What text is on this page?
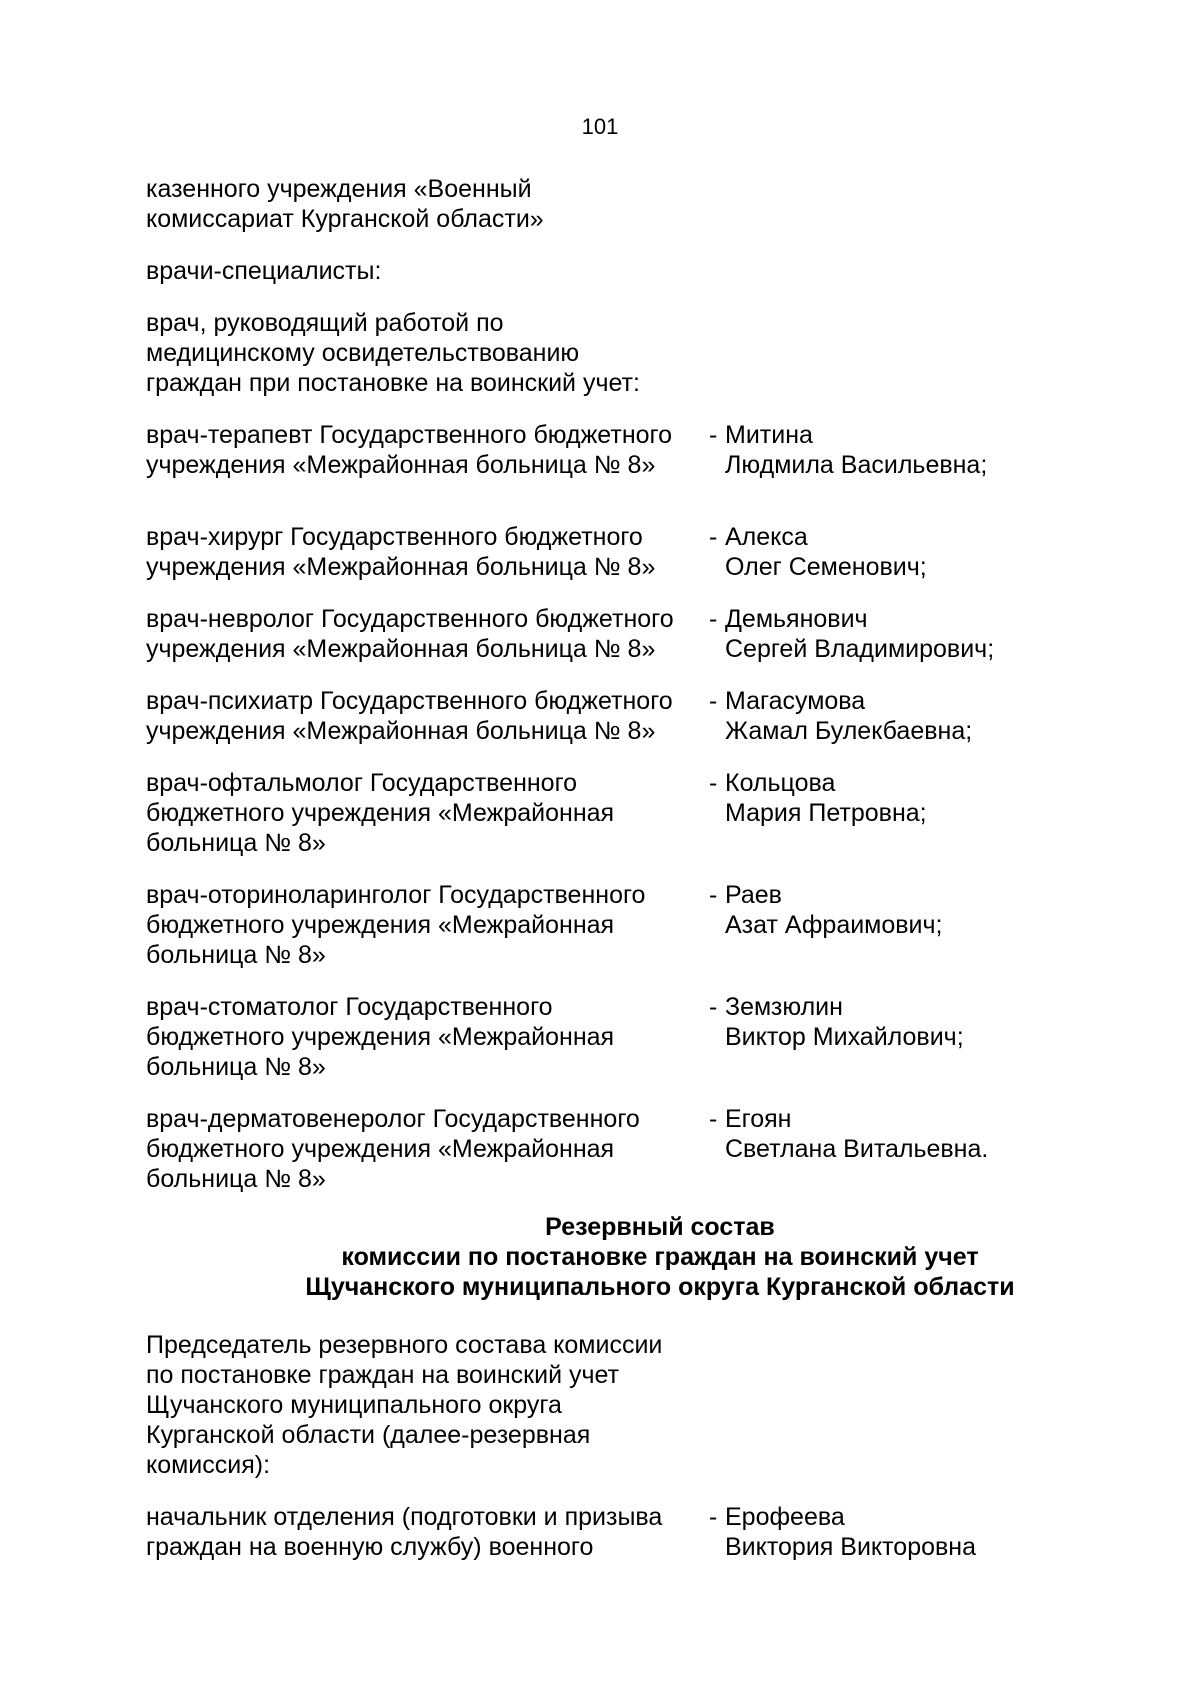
101
казенного учреждения «Военный
комиссариат Курганской области»
врачи-специалисты:
врач, руководящий работой по
медицинскому освидетельствованию
граждан при постановке на воинский учет:
врач-терапевт Государственного бюджетного
учреждения «Межрайонная больница № 8»
- Митина
Людмила Васильевна;
врач-хирург Государственного бюджетного
учреждения «Межрайонная больница № 8»
- Алекса
Олег Семенович;
врач-невролог Государственного бюджетного
учреждения «Межрайонная больница № 8»
- Демьянович
Сергей Владимирович;
врач-психиатр Государственного бюджетного
учреждения «Межрайонная больница № 8»
- Магасумова
Жамал Булекбаевна;
врач-офтальмолог Государственного
бюджетного учреждения «Межрайонная
больница № 8»
- Кольцова
Мария Петровна;
врач-оториноларинголог Государственного
бюджетного учреждения «Межрайонная
больница № 8»
- Раев
Азат Афраимович;
врач-стоматолог Государственного
бюджетного учреждения «Межрайонная
больница № 8»
- Земзюлин
Виктор Михайлович;
врач-дерматовенеролог Государственного
бюджетного учреждения «Межрайонная
больница № 8»
- Егоян
Светлана Витальевна.
Резервный состав
комиссии по постановке граждан на воинский учет
Щучанского муниципального округа Курганской области
Председатель резервного состава комиссии
по постановке граждан на воинский учет
Щучанского муниципального округа
Курганской области (далее-резервная
комиссия):
начальник отделения (подготовки и призыва
граждан на военную службу) военного
- Ерофеева
Виктория Викторовна
